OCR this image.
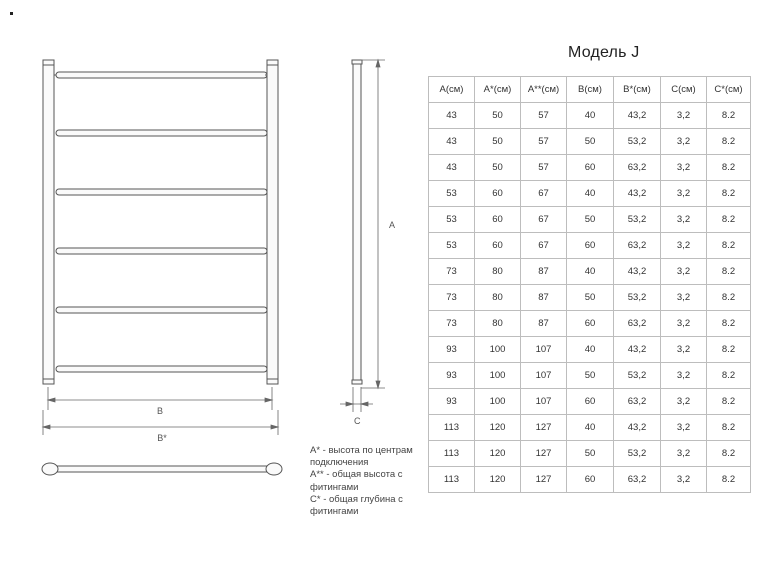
B
B*
A
C
A* - высота по центрам
подключения
A** - общая высота с
фитингами
C* - общая глубина с
фитингами
Модель J
A(см)	A*(см)	A**(см)	B(см)	B*(см)	C(см)	C*(см)
43	50	57	40	43,2	3,2	8.2
43	50	57	50	53,2	3,2	8.2
43	50	57	60	63,2	3,2	8.2
53	60	67	40	43,2	3,2	8.2
53	60	67	50	53,2	3,2	8.2
53	60	67	60	63,2	3,2	8.2
73	80	87	40	43,2	3,2	8.2
73	80	87	50	53,2	3,2	8.2
73	80	87	60	63,2	3,2	8.2
93	100	107	40	43,2	3,2	8.2
93	100	107	50	53,2	3,2	8.2
93	100	107	60	63,2	3,2	8.2
113	120	127	40	43,2	3,2	8.2
113	120	127	50	53,2	3,2	8.2
113	120	127	60	63,2	3,2	8.2
